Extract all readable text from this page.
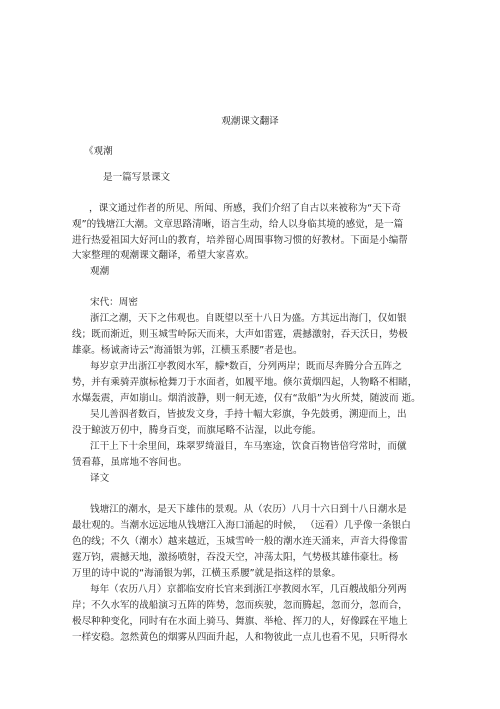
观潮课文翻译
《观潮
是一篇写景课文
，课文通过作者的所见、所闻、所感，我们介绍了自古以来被称为“天下奇
观”的钱塘江大潮。文章思路清晰，语言生动，给人以身临其境的感觉，是一篇
进行热爱祖国大好河山的教育，培养留心周围事物习惯的好教材。下面是小编帮
大家整理的观潮课文翻译，希望大家喜欢。
观潮
宋代：周密
浙江之潮，天下之伟观也。自既望以至十八日为盛。方其远出海门，仅如银
线；既而渐近，则玉城雪岭际天而来，大声如雷霆，震撼激射，吞天沃日，势极
雄豪。杨诚斋诗云“海涌银为郭，江横玉系腰”者是也。
每岁京尹出浙江亭教阅水军，艨*数百，分列两岸；既而尽奔腾分合五阵之
势，并有乘骑弄旗标枪舞刀于水面者，如履平地。倏尔黄烟四起，人物略不相睹，
水爆轰震，声如崩山。烟消波静，则一舸无迹，仅有“敌船”为火所焚，随波而 逝。
吴儿善泅者数百，皆披发文身，手持十幅大彩旗，争先鼓勇，溯迎而上，出
没于鲸波万仞中，腾身百变，而旗尾略不沾湿，以此夸能。
江干上下十余里间，珠翠罗绮溢目，车马塞途，饮食百物皆倍穹常时，而僦
赁看幕，虽席地不容间也。
译文
钱塘江的潮水，是天下雄伟的景观。从（农历）八月十六日到十八日潮水是
最壮观的。当潮水远远地从钱塘江入海口涌起的时候， （远看）几乎像一条银白
色的线；不久（潮水）越来越近，玉城雪岭一般的潮水连天涌来，声音大得像雷
霆万钧，震撼天地，激扬喷射，吞没天空，冲荡太阳，气势极其雄伟豪壮。杨
万里的诗中说的“海涌银为郭，江横玉系腰”就是指这样的景象。
每年（农历八月）京都临安府长官来到浙江亭教阅水军，几百艘战船分列两
岸；不久水军的战船演习五阵的阵势，忽而疾驶，忽而腾起，忽而分，忽而合，
极尽种种变化，同时有在水面上骑马、舞旗、举枪、挥刀的人，好像踩在平地上
一样安稳。忽然黄色的烟雾从四面升起，人和物彼此一点儿也看不见，只听得水
